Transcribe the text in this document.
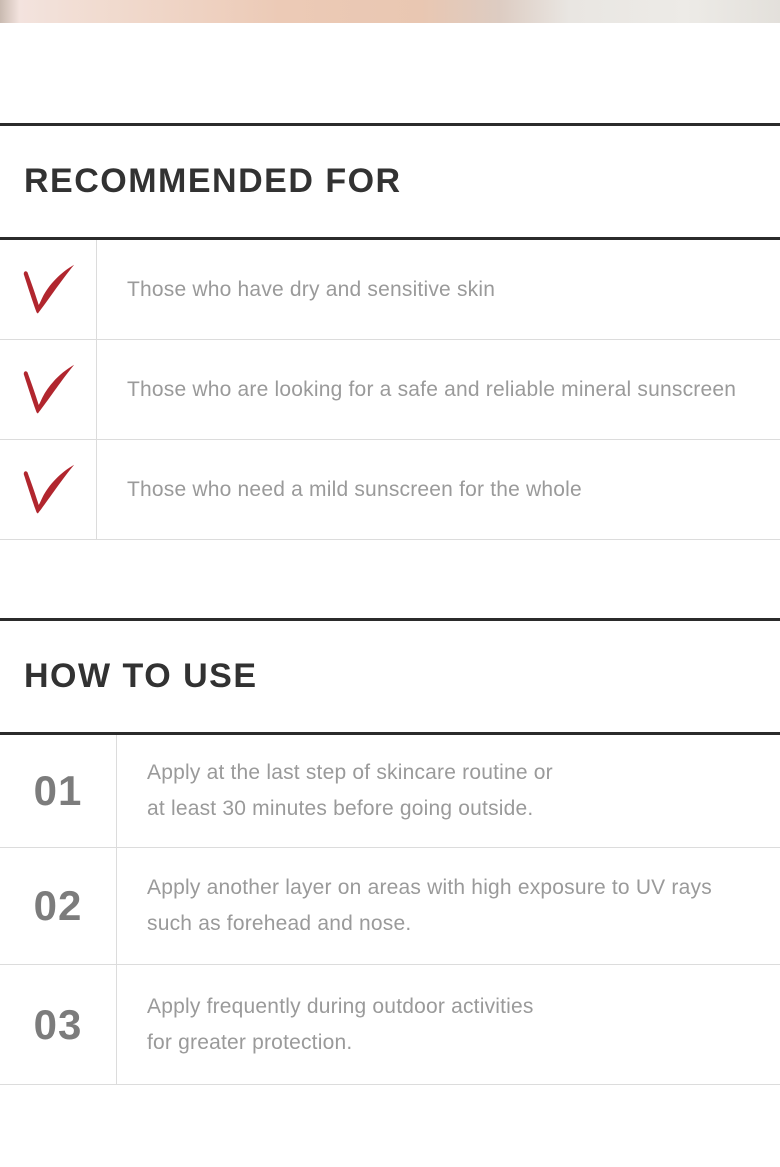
RECOMMENDED FOR
Those who have dry and sensitive skin
Those who are looking for a safe and reliable mineral sunscreen
Those who need a mild sunscreen for the whole
HOW TO USE
01	Apply at the last step of skincare routine or
at least 30 minutes before going outside.
02	Apply another layer on areas with high exposure to UV rays
such as forehead and nose.
03	Apply frequently during outdoor activities
for greater protection.
